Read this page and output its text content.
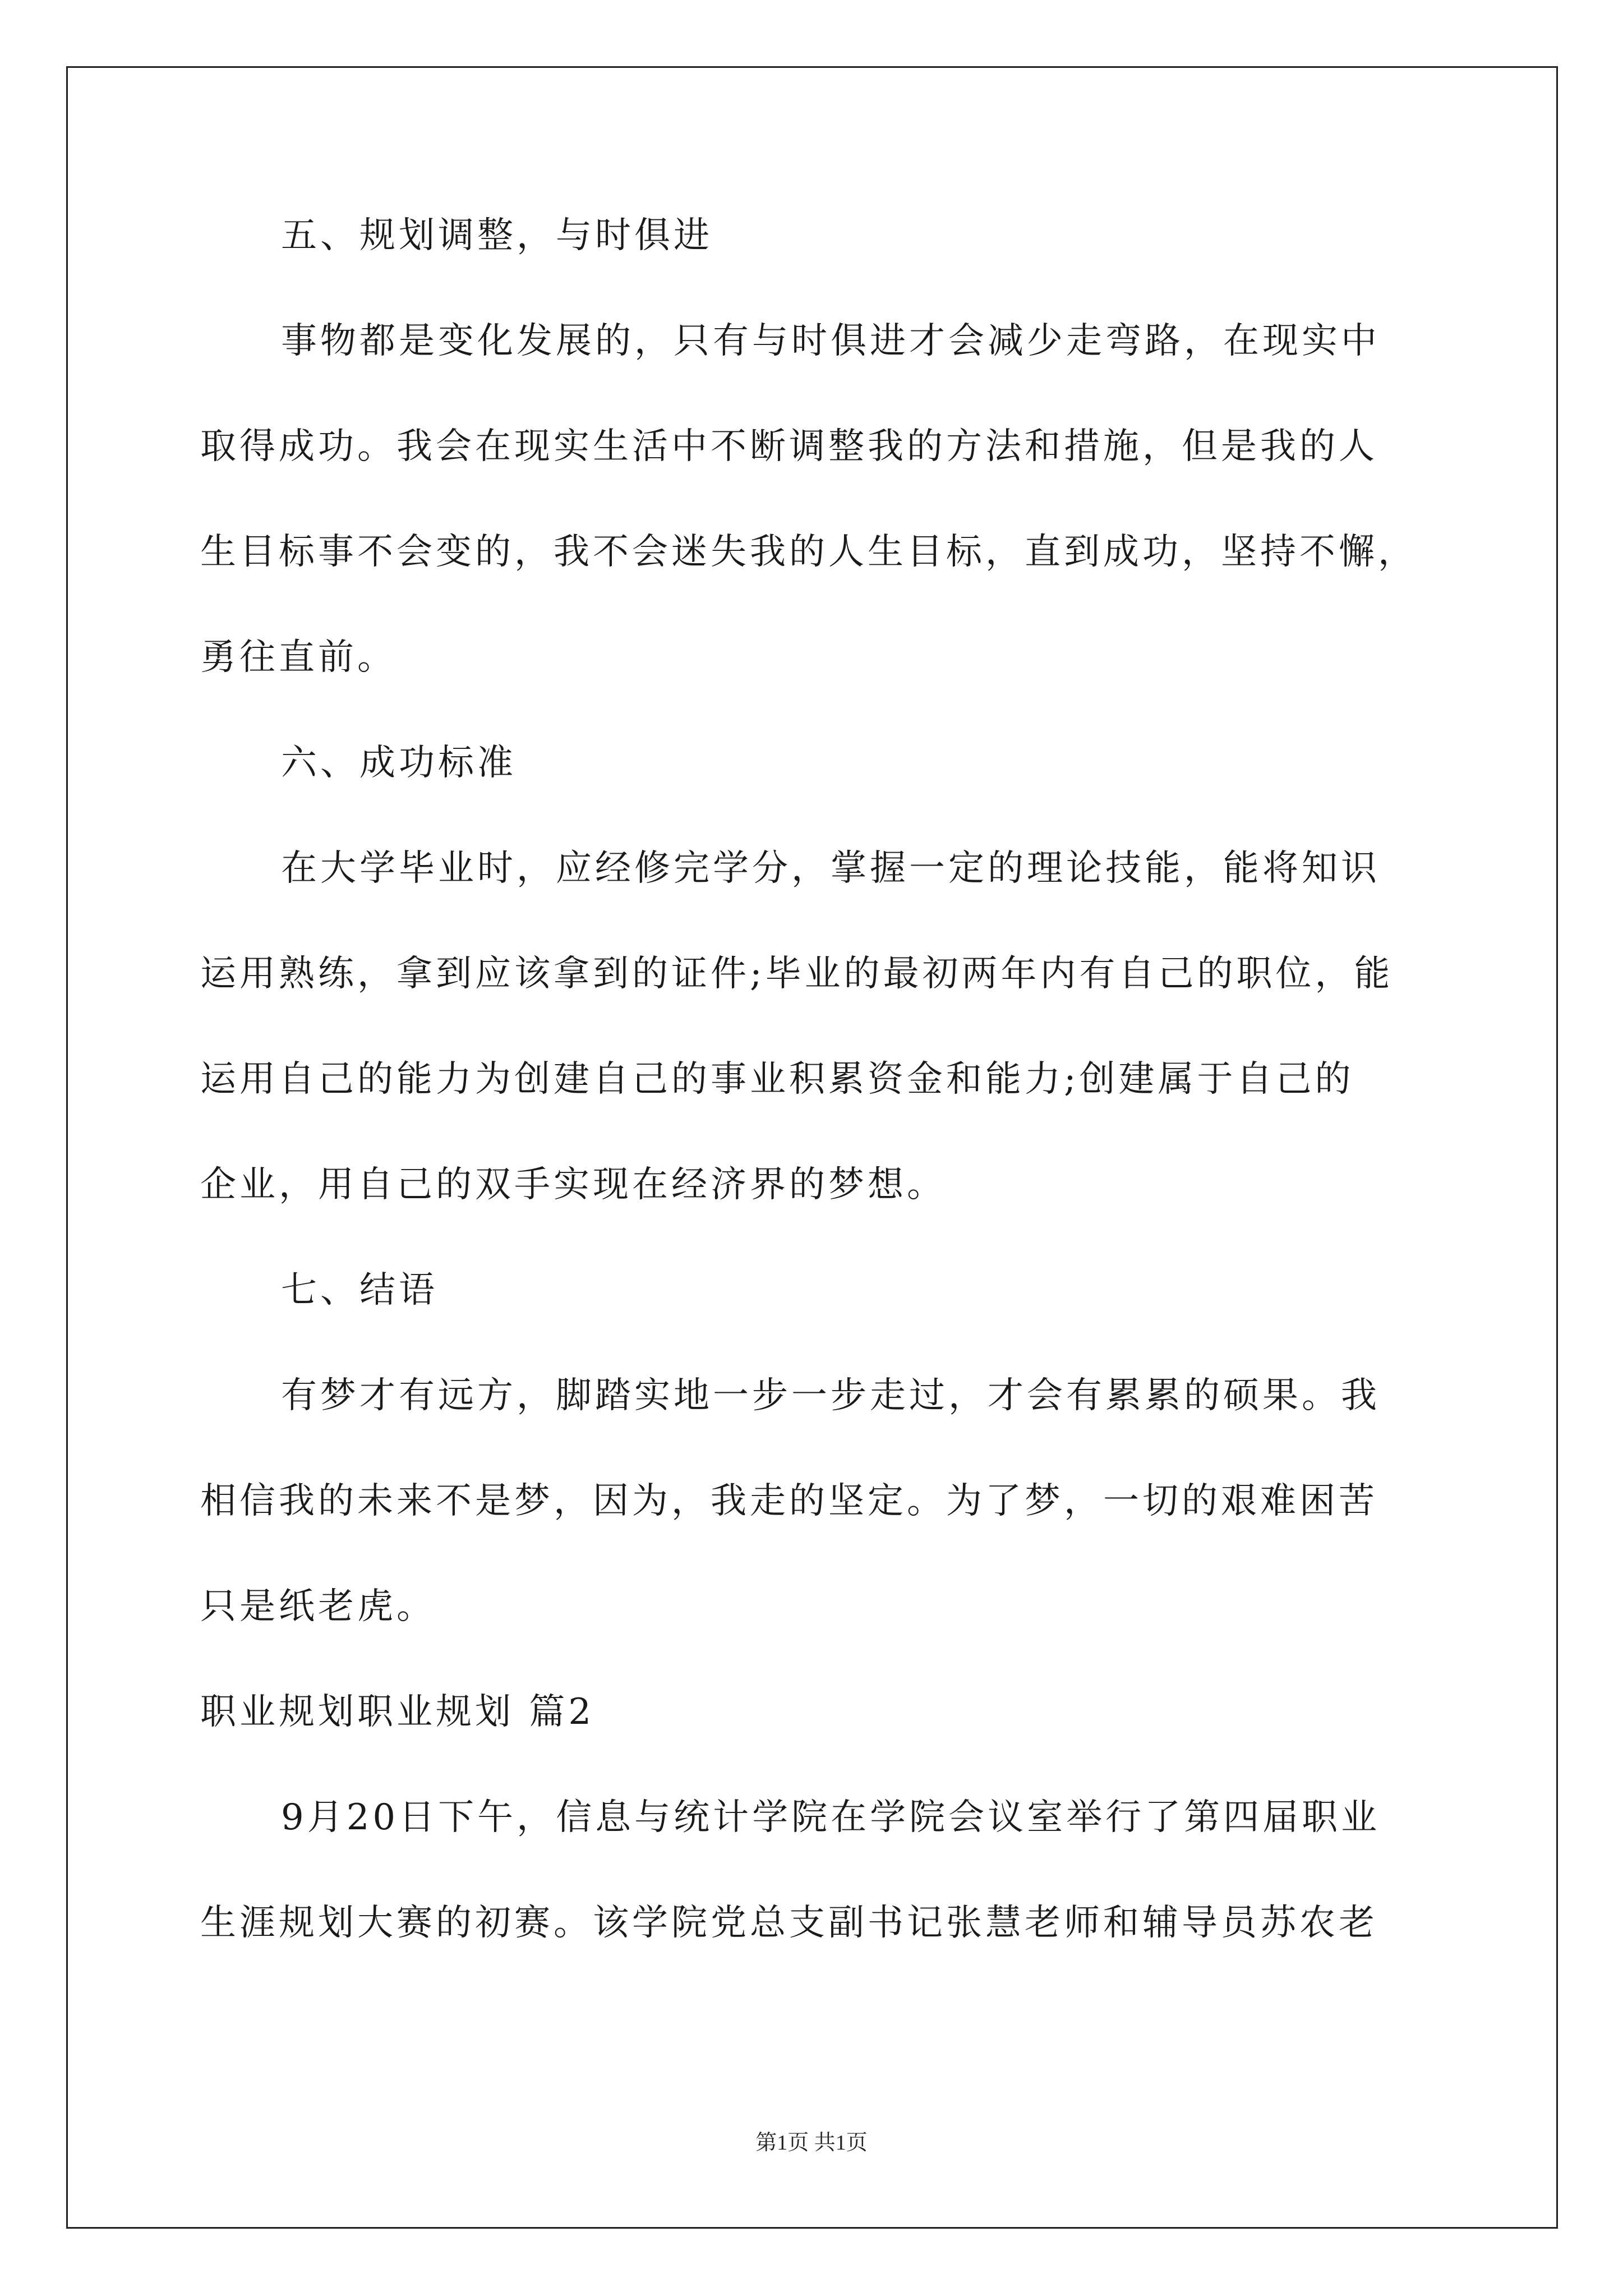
五、规划调整，与时俱进
事物都是变化发展的，只有与时俱进才会减少走弯路，在现实中
取得成功。我会在现实生活中不断调整我的方法和措施，但是我的人
生目标事不会变的，我不会迷失我的人生目标，直到成功，坚持不懈，
勇往直前。
六、成功标准
在大学毕业时，应经修完学分，掌握一定的理论技能，能将知识
运用熟练，拿到应该拿到的证件;毕业的最初两年内有自己的职位，能
运用自己的能力为创建自己的事业积累资金和能力;创建属于自己的
企业，用自己的双手实现在经济界的梦想。
七、结语
有梦才有远方，脚踏实地一步一步走过，才会有累累的硕果。我
相信我的未来不是梦，因为，我走的坚定。为了梦，一切的艰难困苦
只是纸老虎。
职业规划职业规划 篇2
9月20日下午，信息与统计学院在学院会议室举行了第四届职业
生涯规划大赛的初赛。该学院党总支副书记张慧老师和辅导员苏农老
第1页 共1页
